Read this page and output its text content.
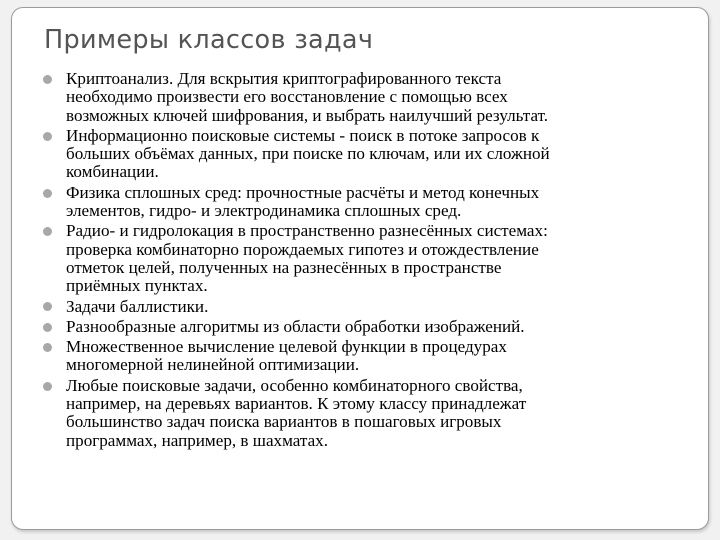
Примеры классов задач
Криптоанализ. Для вскрытия криптографированного текста
необходимо произвести его восстановление с помощью всех
возможных ключей шифрования, и выбрать наилучший результат.
Информационно поисковые системы - поиск в потоке запросов к
больших объёмах данных, при поиске по ключам, или их сложной
комбинации.
Физика сплошных сред: прочностные расчёты и метод конечных
элементов, гидро- и электродинамика сплошных сред.
Радио- и гидролокация в пространственно разнесённых системах:
проверка комбинаторно порождаемых гипотез и отождествление
отметок целей, полученных на разнесённых в пространстве
приёмных пунктах.
Задачи баллистики.
Разнообразные алгоритмы из области обработки изображений.
Множественное вычисление целевой функции в процедурах
многомерной нелинейной оптимизации.
Любые поисковые задачи, особенно комбинаторного свойства,
например, на деревьях вариантов. К этому классу принадлежат
большинство задач поиска вариантов в пошаговых игровых
программах, например, в шахматах.
